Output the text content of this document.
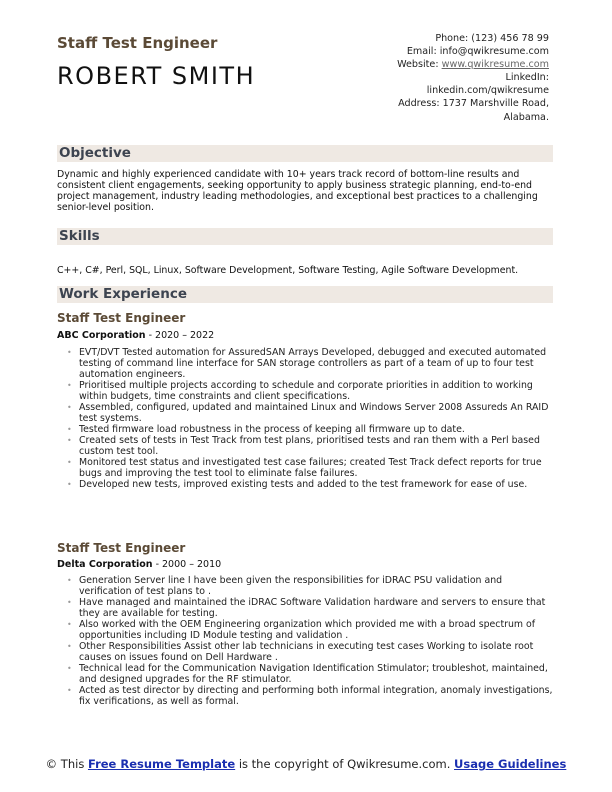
Staff Test Engineer
ROBERT SMITH
Phone: (123) 456 78 99
Email: info@qwikresume.com
Website: www.qwikresume.com
LinkedIn:
linkedin.com/qwikresume
Address: 1737 Marshville Road,
Alabama.
Objective
Dynamic and highly experienced candidate with 10+ years track record of bottom-line results and consistent client engagements, seeking opportunity to apply business strategic planning, end-to-end project management, industry leading methodologies, and exceptional best practices to a challenging senior-level position.
Skills
C++, C#, Perl, SQL, Linux, Software Development, Software Testing, Agile Software Development.
Work Experience
Staff Test Engineer
ABC Corporation - 2020 – 2022
• EVT/DVT Tested automation for AssuredSAN Arrays Developed, debugged and executed automated testing of command line interface for SAN storage controllers as part of a team of up to four test automation engineers.
• Prioritised multiple projects according to schedule and corporate priorities in addition to working within budgets, time constraints and client specifications.
• Assembled, configured, updated and maintained Linux and Windows Server 2008 Assureds An RAID test systems.
• Tested firmware load robustness in the process of keeping all firmware up to date.
• Created sets of tests in Test Track from test plans, prioritised tests and ran them with a Perl based custom test tool.
• Monitored test status and investigated test case failures; created Test Track defect reports for true bugs and improving the test tool to eliminate false failures.
• Developed new tests, improved existing tests and added to the test framework for ease of use.
Staff Test Engineer
Delta Corporation - 2000 – 2010
• Generation Server line I have been given the responsibilities for iDRAC PSU validation and verification of test plans to .
• Have managed and maintained the iDRAC Software Validation hardware and servers to ensure that they are available for testing.
• Also worked with the OEM Engineering organization which provided me with a broad spectrum of opportunities including ID Module testing and validation .
• Other Responsibilities Assist other lab technicians in executing test cases Working to isolate root causes on issues found on Dell Hardware .
• Technical lead for the Communication Navigation Identification Stimulator; troubleshot, maintained, and designed upgrades for the RF stimulator.
• Acted as test director by directing and performing both informal integration, anomaly investigations, fix verifications, as well as formal.
© This Free Resume Template is the copyright of Qwikresume.com. Usage Guidelines
